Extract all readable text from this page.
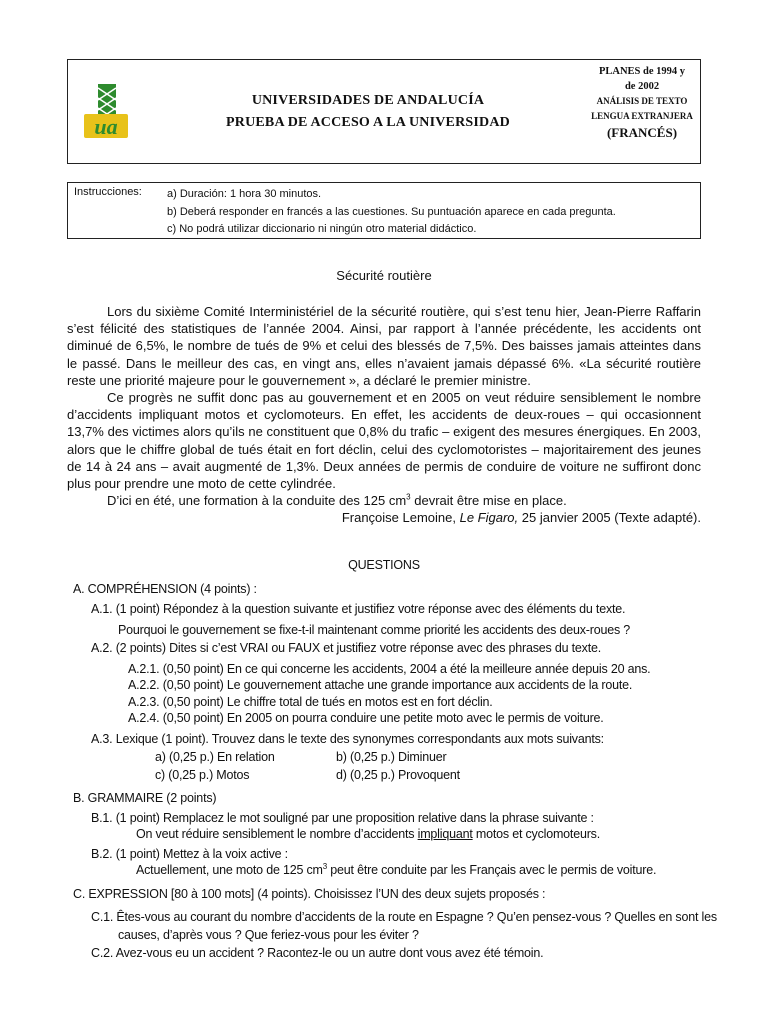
ua
UNIVERSIDADES DE ANDALUCÍA
PRUEBA DE ACCESO A LA UNIVERSIDAD
PLANES de 1994 y
de 2002
ANÁLISIS DE TEXTO
LENGUA EXTRANJERA
(FRANCÉS)
Instrucciones: a) Duración: 1 hora 30 minutos.
b) Deberá responder en francés a las cuestiones. Su puntuación aparece en cada pregunta.
c) No podrá utilizar diccionario ni ningún otro material didáctico.
Sécurité routière

Lors du sixième Comité Interministériel de la sécurité routière, qui s’est tenu hier, Jean-Pierre Raffarin s’est félicité des statistiques de l’année 2004. Ainsi, par rapport à l’année précédente, les accidents ont diminué de 6,5%, le nombre de tués de 9% et celui des blessés de 7,5%. Des baisses jamais atteintes dans le passé. Dans le meilleur des cas, en vingt ans, elles n’avaient jamais dépassé 6%. «La sécurité routière reste une priorité majeure pour le gouvernement », a déclaré le premier ministre.

Ce progrès ne suffit donc pas au gouvernement et en 2005 on veut réduire sensiblement le nombre d’accidents impliquant motos et cyclomoteurs. En effet, les accidents de deux-roues – qui occasionnent 13,7% des victimes alors qu’ils ne constituent que 0,8% du trafic – exigent des mesures énergiques. En 2003, alors que le chiffre global de tués était en fort déclin, celui des cyclomotoristes – majoritairement des jeunes de 14 à 24 ans – avait augmenté de 1,3%. Deux années de permis de conduire de voiture ne suffiront donc plus pour prendre une moto de cette cylindrée.

D’ici en été, une formation à la conduite des 125 $cm^3$ devrait être mise en place.

Françoise Lemoine, Le Figaro, 25 janvier 2005 (Texte adapté).

QUESTIONS
A. COMPRÉHENSION (4 points) :
A.1. (1 point) Répondez à la question suivante et justifiez votre réponse avec des éléments du texte.
Pourquoi le gouvernement se fixe-t-il maintenant comme priorité les accidents des deux-roues ?
A.2. (2 points) Dites si c’est VRAI ou FAUX et justifiez votre réponse avec des phrases du texte.
A.2.1. (0,50 point) En ce qui concerne les accidents, 2004 a été la meilleure année depuis 20 ans.
A.2.2. (0,50 point) Le gouvernement attache une grande importance aux accidents de la route.
A.2.3. (0,50 point) Le chiffre total de tués en motos est en fort déclin.
A.2.4. (0,50 point) En 2005 on pourra conduire une petite moto avec le permis de voiture.
A.3. Lexique (1 point). Trouvez dans le texte des synonymes correspondants aux mots suivants:
a) (0,25 p.) En relation	b) (0,25 p.) Diminuer
c) (0,25 p.) Motos	d) (0,25 p.) Provoquent
B. GRAMMAIRE (2 points)
B.1. (1 point) Remplacez le mot souligné par une proposition relative dans la phrase suivante :
On veut réduire sensiblement le nombre d’accidents impliquant motos et cyclomoteurs.
B.2. (1 point) Mettez à la voix active :
Actuellement, une moto de 125 $cm^3$ peut être conduite par les Français avec le permis de voiture.
C. EXPRESSION [80 à 100 mots] (4 points). Choisissez l’UN des deux sujets proposés :
C.1. Êtes-vous au courant du nombre d’accidents de la route en Espagne ? Qu’en pensez-vous ? Quelles en sont les
causes, d’après vous ? Que feriez-vous pour les éviter ?
C.2. Avez-vous eu un accident ? Racontez-le ou un autre dont vous avez été témoin.
